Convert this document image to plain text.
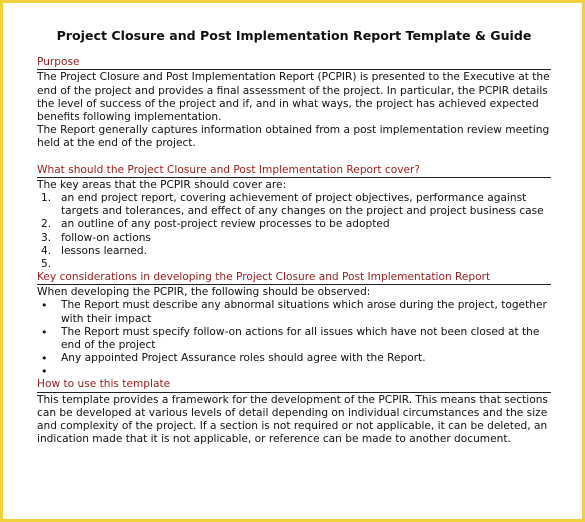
Project Closure and Post Implementation Report Template & Guide
Purpose

The Project Closure and Post Implementation Report (PCPIR) is presented to the Executive at the end of the project and provides a final assessment of the project. In particular, the PCPIR details the level of success of the project and if, and in what ways, the project has achieved expected benefits following implementation.

The Report generally captures information obtained from a post implementation review meeting held at the end of the project.

What should the Project Closure and Post Implementation Report cover?

The key areas that the PCPIR should cover are:

1. an end project report, covering achievement of project objectives, performance against targets and tolerances, and effect of any changes on the project and project business case
2. an outline of any post-project review processes to be adopted
3. follow-on actions
4. lessons learned.
5.
Key considerations in developing the Project Closure and Post Implementation Report

When developing the PCPIR, the following should be observed:

• The Report must describe any abnormal situations which arose during the project, together with their impact
• The Report must specify follow-on actions for all issues which have not been closed at the end of the project
• Any appointed Project Assurance roles should agree with the Report.
•
How to use this template

This template provides a framework for the development of the PCPIR. This means that sections can be developed at various levels of detail depending on individual circumstances and the size and complexity of the project. If a section is not required or not applicable, it can be deleted, an indication made that it is not applicable, or reference can be made to another document.
